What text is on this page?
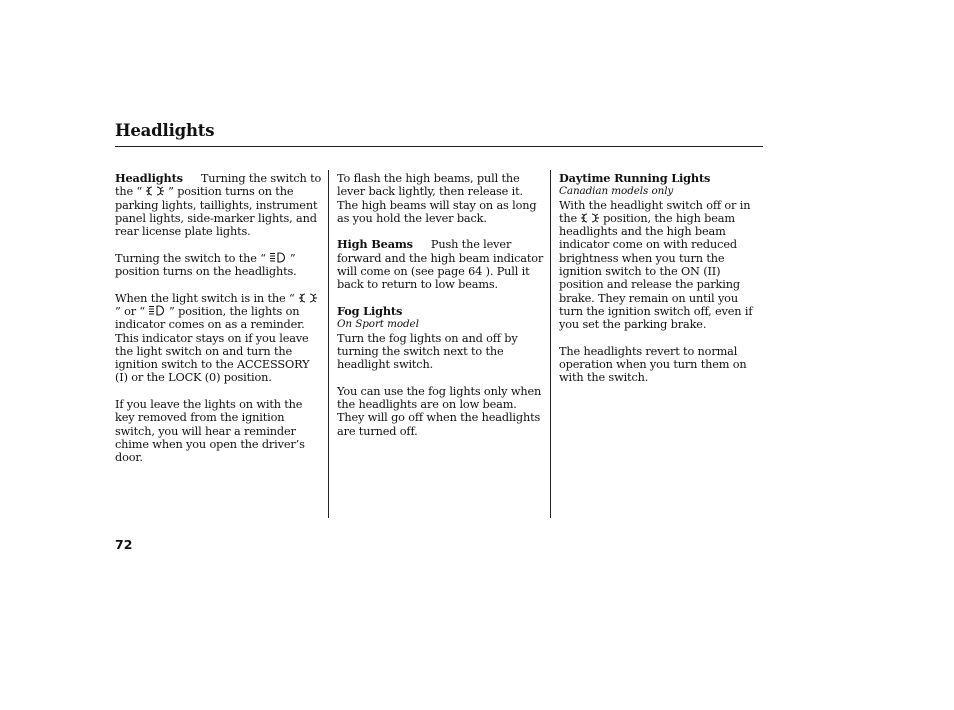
Headlights

Headlights Turning the switch to the “ ” position turns on the parking lights, taillights, instrument panel lights, side-marker lights, and rear license plate lights.

Turning the switch to the “ ” position turns on the headlights.

When the light switch is in the “” or “ ” position, the lights on indicator comes on as a reminder. This indicator stays on if you leave the light switch on and turn the ignition switch to the ACCESSORY (I) or the LOCK (0) position.

If you leave the lights on with the key removed from the ignition switch, you will hear a reminder chime when you open the driver’s door.

To flash the high beams, pull the lever back lightly, then release it. The high beams will stay on as long as you hold the lever back.

High Beams Push the lever forward and the high beam indicator will come on (see page 64 ). Pull it back to return to low beams.

Fog Lights
On Sport model
Turn the fog lights on and off by turning the switch next to the headlight switch.

You can use the fog lights only when the headlights are on low beam. They will go off when the headlights are turned off.

Daytime Running Lights
Canadian models only
With the headlight switch off or in the position, the high beam headlights and the high beam indicator come on with reduced brightness when you turn the ignition switch to the ON (II) position and release the parking brake. They remain on until you turn the ignition switch off, even if you set the parking brake.

The headlights revert to normal operation when you turn them on with the switch.

72
